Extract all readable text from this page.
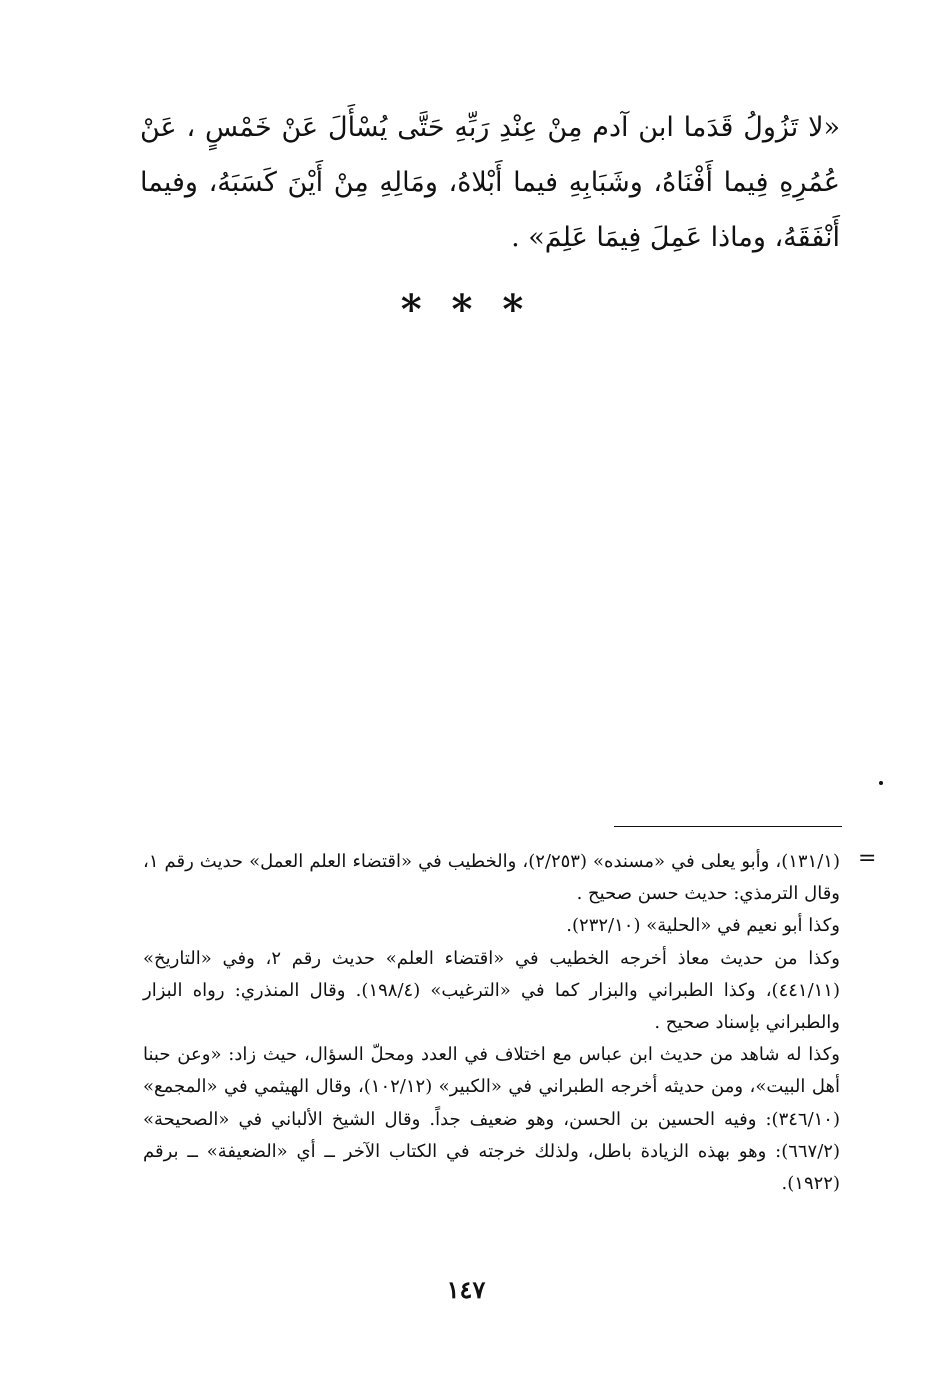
«لا تَزُولُ قَدَما ابن آدم مِنْ عِنْدِ رَبِّهِ حَتَّى يُسْأَلَ عَنْ خَمْسٍ ، عَنْ عُمُرِهِ فِيما أَفْنَاهُ، وشَبَابِهِ فيما أَبْلاهُ، ومَالِهِ مِنْ أَيْنَ كَسَبَهُ، وفيما أَنْفَقَهُ، وماذا عَمِلَ فِيمَا عَلِمَ» .

* * *
=

(١٣١/١)، وأبو يعلى في «مسنده» (٢/٢٥٣)، والخطيب في «اقتضاء العلم العمل» حديث رقم ١، وقال الترمذي: حديث حسن صحيح .

وكذا أبو نعيم في «الحلية» (٢٣٢/١٠).

وكذا من حديث معاذ أخرجه الخطيب في «اقتضاء العلم» حديث رقم ٢، وفي «التاريخ» (٤٤١/١١)، وكذا الطبراني والبزار كما في «الترغيب» (١٩٨/٤). وقال المنذري: رواه البزار والطبراني بإسناد صحيح .

وكذا له شاهد من حديث ابن عباس مع اختلاف في العدد ومحلّ السؤال، حيث زاد: «وعن حبنا أهل البيت»، ومن حديثه أخرجه الطبراني في «الكبير» (١٠٢/١٢)، وقال الهيثمي في «المجمع» (٣٤٦/١٠): وفيه الحسين بن الحسن، وهو ضعيف جداً. وقال الشيخ الألباني في «الصحيحة» (٦٦٧/٢): وهو بهذه الزيادة باطل، ولذلك خرجته في الكتاب الآخر ــ أي «الضعيفة» ــ برقم (١٩٢٢).

١٤٧
